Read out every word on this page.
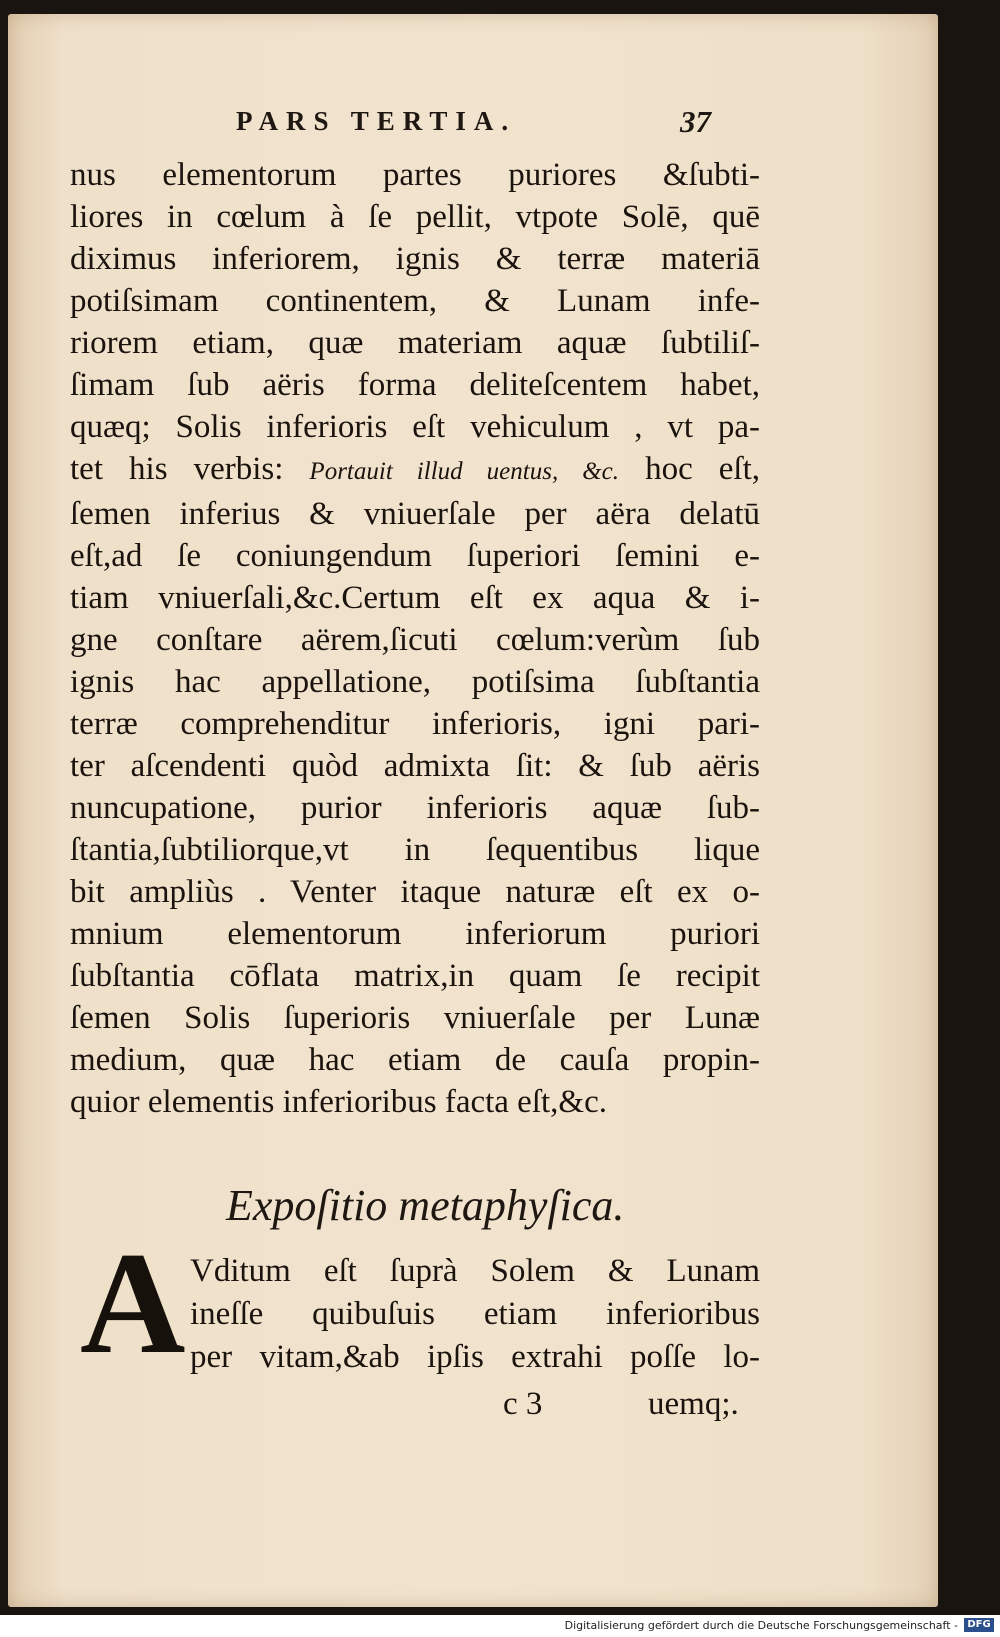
PARS TERTIA.	37
nus elementorum partes puriores &ſubti-
liores in cœlum à ſe pellit, vtpote Solē, quē
diximus inferiorem, ignis & terræ materiā
potiſsimam continentem, & Lunam infe-
riorem etiam, quæ materiam aquæ ſubtiliſ-
ſimam ſub aëris forma deliteſcentem habet,
quæq; Solis inferioris eſt vehiculum , vt pa-
tet his verbis: Portauit illud uentus, &c. hoc eſt,
ſemen inferius & vniuerſale per aëra delatū
eſt,ad ſe coniungendum ſuperiori ſemini e-
tiam vniuerſali,&c.Certum eſt ex aqua & i-
gne conſtare aërem,ſicuti cœlum:verùm ſub
ignis hac appellatione, potiſsima ſubſtantia
terræ comprehenditur inferioris, igni pari-
ter aſcendenti quòd admixta ſit: & ſub aëris
nuncupatione, purior inferioris aquæ ſub-
ſtantia,ſubtiliorque,vt in ſequentibus lique
bit ampliùs . Venter itaque naturæ eſt ex o-
mnium elementorum inferiorum puriori
ſubſtantia cōflata matrix,in quam ſe recipit
ſemen Solis ſuperioris vniuerſale per Lunæ
medium, quæ hac etiam de cauſa propin-
quior elementis inferioribus facta eſt,&c.
Expoſitio metaphyſica.
A Vditum eſt ſuprà Solem & Lunam
ineſſe quibuſuis etiam inferioribus
per vitam,&ab ipſis extrahi poſſe lo-
c 3	uemq;.
Digitalisierung gefördert durch die Deutsche Forschungsgemeinschaft - DFG
